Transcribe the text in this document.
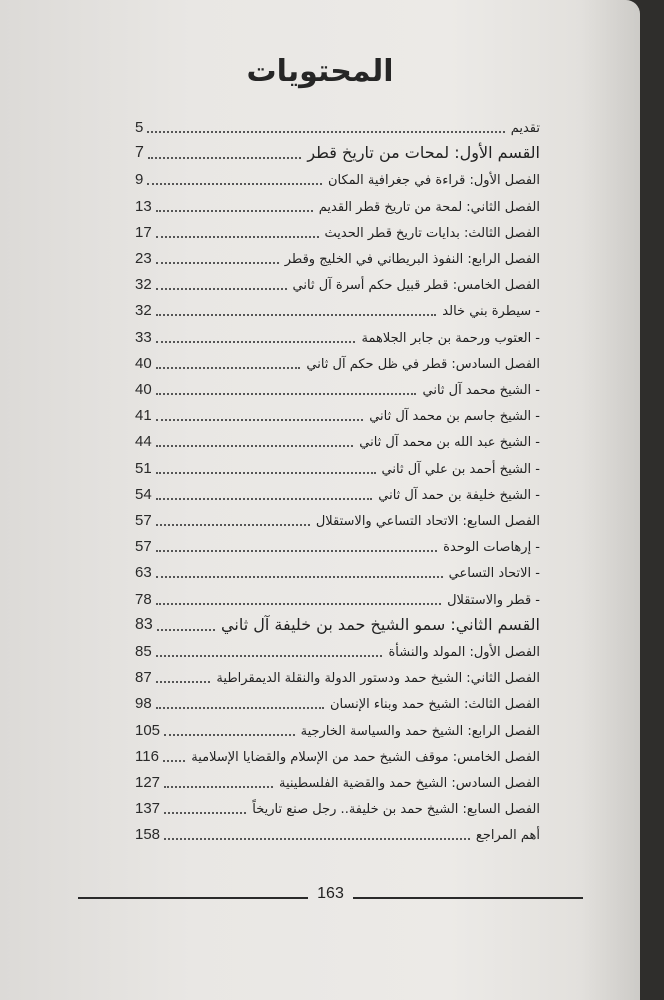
المحتويات
5	تقديم
7	القسم الأول: لمحات من تاريخ قطر
9	الفصل الأول: قراءة في جغرافية المكان
13	الفصل الثاني: لمحة من تاريخ قطر القديم
17	الفصل الثالث: بدايات تاريخ قطر الحديث
23	الفصل الرابع: النفوذ البريطاني في الخليج وقطر
32	الفصل الخامس: قطر قبيل حكم أسرة آل ثاني
32	- سيطرة بني خالد
33	- العتوب ورحمة بن جابر الجلاهمة
40	الفصل السادس: قطر في ظل حكم آل ثاني
40	- الشيخ محمد آل ثاني
41	- الشيخ جاسم بن محمد آل ثاني
44	- الشيخ عبد الله بن محمد آل ثاني
51	- الشيخ أحمد بن علي آل ثاني
54	- الشيخ خليفة بن حمد آل ثاني
57	الفصل السابع: الاتحاد التساعي والاستقلال
57	- إرهاصات الوحدة
63	- الاتحاد التساعي
78	- قطر والاستقلال
83	القسم الثاني: سمو الشيخ حمد بن خليفة آل ثاني
85	الفصل الأول: المولد والنشأة
87	الفصل الثاني: الشيخ حمد ودستور الدولة والنقلة الديمقراطية
98	الفصل الثالث: الشيخ حمد وبناء الإنسان
105	الفصل الرابع: الشيخ حمد والسياسة الخارجية
116 الفصل الخامس: موقف الشيخ حمد من الإسلام والقضايا الإسلامية
127	الفصل السادس: الشيخ حمد والقضية الفلسطينية
137	الفصل السابع: الشيخ حمد بن خليفة.. رجل صنع تاريخاً
158	أهم المراجع
163
